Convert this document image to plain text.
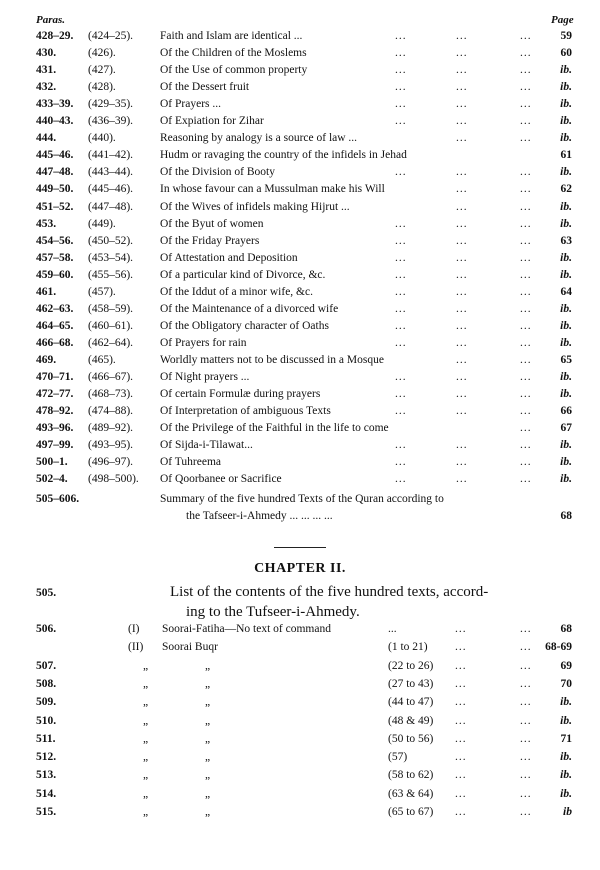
Paras.	Page
428–29. (424–25). Faith and Islam are identical ...	...	...	...	59
430.	(426).	Of the Children of the Moslems	...	...	...	60
431.	(427).	Of the Use of common property	...	...	... ib.
432.	(428).	Of the Dessert fruit	...	...	... ib.
433–39. (429–35). Of Prayers ...	...	...	... ib.
440–43. (436–39). Of Expiation for Zihar	...	...	... ib.
444.	(440).	Reasoning by analogy is a source of law ...	...	... ib.
445–46. (441–42). Hudm or ravaging the country of the infidels in Jehad	61
447–48. (443–44). Of the Division of Booty	...	...	... ib.
449–50. (445–46). In whose favour can a Mussulman make his Will	...	...	62
451–52. (447–48). Of the Wives of infidels making Hijrut ...	...	... ib.
453.	(449).	Of the Byut of women	...	...	... ib.
454–56. (450–52). Of the Friday Prayers	...	...	...	63
457–58. (453–54). Of Attestation and Deposition	...	...	... ib.
459–60. (455–56). Of a particular kind of Divorce, &c.	...	...	... ib.
461.	(457).	Of the Iddut of a minor wife, &c.	...	...	...	64
462–63. (458–59). Of the Maintenance of a divorced wife	...	...	... ib.
464–65. (460–61). Of the Obligatory character of Oaths	...	...	... ib.
466–68. (462–64). Of Prayers for rain	...	...	... ib.
469.	(465).	Worldly matters not to be discussed in a Mosque	...	...	65
470–71. (466–67). Of Night prayers ...	...	...	... ib.
472–77. (468–73). Of certain Formulæ during prayers	...	...	... ib.
478–92. (474–88). Of Interpretation of ambiguous Texts	...	...	...	66
493–96. (489–92). Of the Privilege of the Faithful in the life to come	...	67
497–99. (493–95). Of Sijda-i-Tilawat...	...	...	... ib.
500–1. (496–97). Of Tuhreema	...	...	... ib.
502–4. (498–500). Of Qoorbanee or Sacrifice	...	...	... ib.
505–606.	Summary of the five hundred Texts of the Quran according to
the Tafseer-i-Ahmedy ... ... ... ...	68
CHAPTER II.
505.	List of the contents of the five hundred texts, accord-
ing to the Tufseer-i-Ahmedy.
506.	(I) Soorai-Fatiha—No text of command	...	...	...	68
(II) Soorai Buqr	(1 to 21) ...	... 68-69
507.	„	„	(22 to 26) ...	...	69
508.	„	„	(27 to 43) ...	...	70
509.	„	„	(44 to 47) ...	... ib.
510.	„	„	(48 & 49) ...	... ib.
511.	„	„	(50 to 56) ...	...	71
512.	„	„	(57)	...	... ib.
513.	„	„	(58 to 62) ...	... ib.
514.	„	„	(63 & 64) ...	... ib.
515.	„	„	(65 to 67) ...	...	ib
